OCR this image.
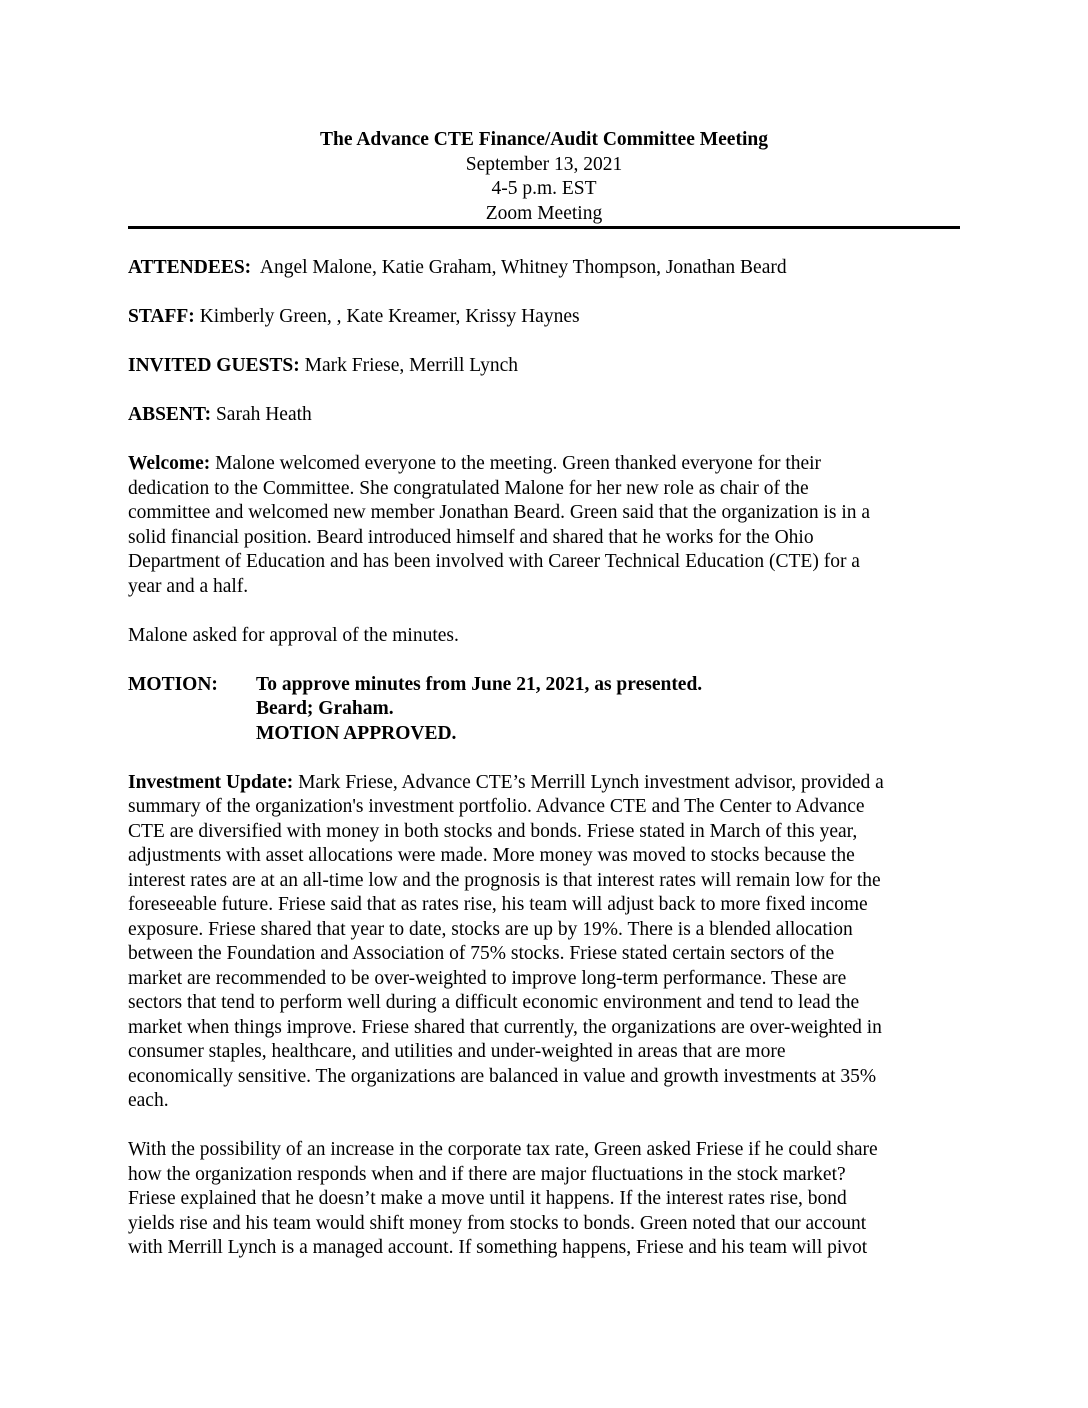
The Advance CTE Finance/Audit Committee Meeting
September 13, 2021
4-5 p.m. EST
Zoom Meeting

ATTENDEES: Angel Malone, Katie Graham, Whitney Thompson, Jonathan Beard

STAFF: Kimberly Green, , Kate Kreamer, Krissy Haynes

INVITED GUESTS: Mark Friese, Merrill Lynch

ABSENT: Sarah Heath

Welcome: Malone welcomed everyone to the meeting. Green thanked everyone for their
dedication to the Committee. She congratulated Malone for her new role as chair of the
committee and welcomed new member Jonathan Beard. Green said that the organization is in a
solid financial position. Beard introduced himself and shared that he works for the Ohio
Department of Education and has been involved with Career Technical Education (CTE) for a
year and a half.

Malone asked for approval of the minutes.

MOTION:	To approve minutes from June 21, 2021, as presented.
Beard; Graham.
MOTION APPROVED.
Investment Update: Mark Friese, Advance CTE’s Merrill Lynch investment advisor, provided a
summary of the organization's investment portfolio. Advance CTE and The Center to Advance
CTE are diversified with money in both stocks and bonds. Friese stated in March of this year,
adjustments with asset allocations were made. More money was moved to stocks because the
interest rates are at an all-time low and the prognosis is that interest rates will remain low for the
foreseeable future. Friese said that as rates rise, his team will adjust back to more fixed income
exposure. Friese shared that year to date, stocks are up by 19%. There is a blended allocation
between the Foundation and Association of 75% stocks. Friese stated certain sectors of the
market are recommended to be over-weighted to improve long-term performance. These are
sectors that tend to perform well during a difficult economic environment and tend to lead the
market when things improve. Friese shared that currently, the organizations are over-weighted in
consumer staples, healthcare, and utilities and under-weighted in areas that are more
economically sensitive. The organizations are balanced in value and growth investments at 35%
each.
With the possibility of an increase in the corporate tax rate, Green asked Friese if he could share
how the organization responds when and if there are major fluctuations in the stock market?
Friese explained that he doesn’t make a move until it happens. If the interest rates rise, bond
yields rise and his team would shift money from stocks to bonds. Green noted that our account
with Merrill Lynch is a managed account. If something happens, Friese and his team will pivot
